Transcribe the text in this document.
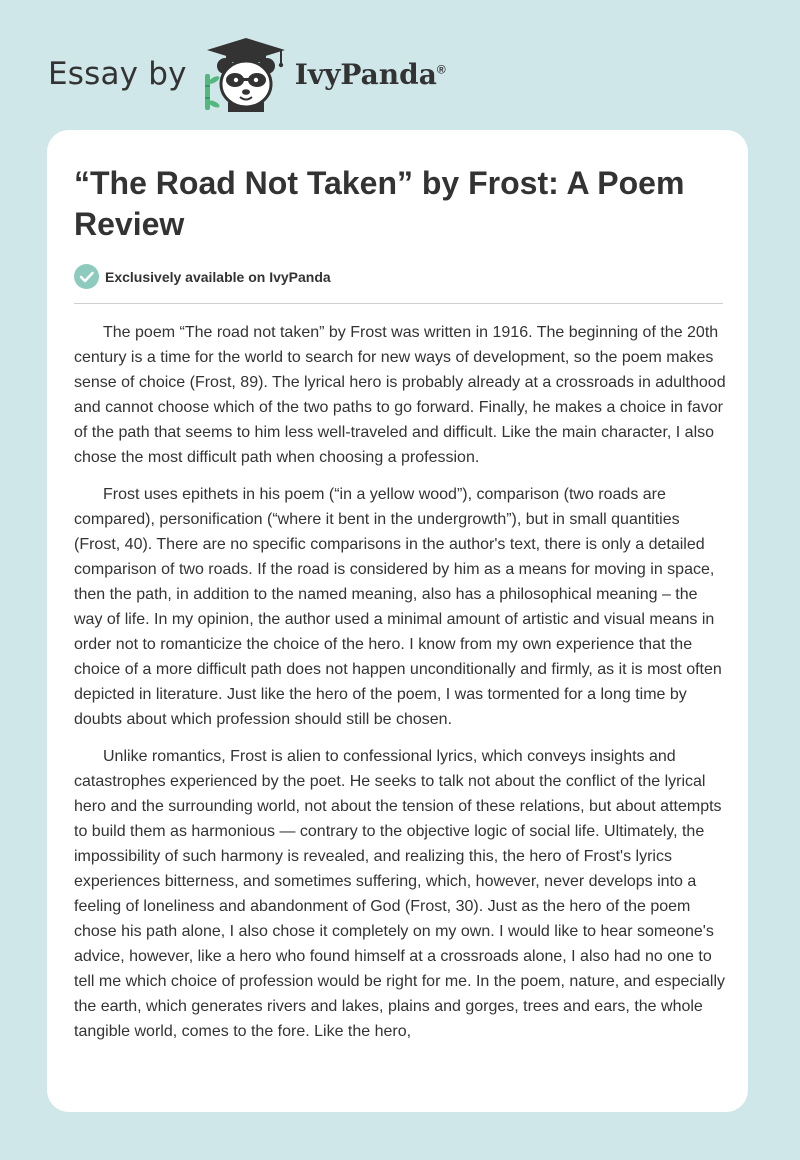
Essay by	IvyPanda®
“The Road Not Taken” by Frost: A Poem Review
Exclusively available on IvyPanda

The poem “The road not taken” by Frost was written in 1916. The beginning of the 20th century is a time for the world to search for new ways of development, so the poem makes sense of choice (Frost, 89). The lyrical hero is probably already at a crossroads in adulthood and cannot choose which of the two paths to go forward. Finally, he makes a choice in favor of the path that seems to him less well-traveled and difficult. Like the main character, I also chose the most difficult path when choosing a profession.

Frost uses epithets in his poem (“in a yellow wood”), comparison (two roads are compared), personification (“where it bent in the undergrowth”), but in small quantities (Frost, 40). There are no specific comparisons in the author's text, there is only a detailed comparison of two roads. If the road is considered by him as a means for moving in space, then the path, in addition to the named meaning, also has a philosophical meaning – the way of life. In my opinion, the author used a minimal amount of artistic and visual means in order not to romanticize the choice of the hero. I know from my own experience that the choice of a more difficult path does not happen unconditionally and firmly, as it is most often depicted in literature. Just like the hero of the poem, I was tormented for a long time by doubts about which profession should still be chosen.

Unlike romantics, Frost is alien to confessional lyrics, which conveys insights and catastrophes experienced by the poet. He seeks to talk not about the conflict of the lyrical hero and the surrounding world, not about the tension of these relations, but about attempts to build them as harmonious — contrary to the objective logic of social life. Ultimately, the impossibility of such harmony is revealed, and realizing this, the hero of Frost's lyrics experiences bitterness, and sometimes suffering, which, however, never develops into a feeling of loneliness and abandonment of God (Frost, 30). Just as the hero of the poem chose his path alone, I also chose it completely on my own. I would like to hear someone's advice, however, like a hero who found himself at a crossroads alone, I also had no one to tell me which choice of profession would be right for me. In the poem, nature, and especially the earth, which generates rivers and lakes, plains and gorges, trees and ears, the whole tangible world, comes to the fore. Like the hero,
